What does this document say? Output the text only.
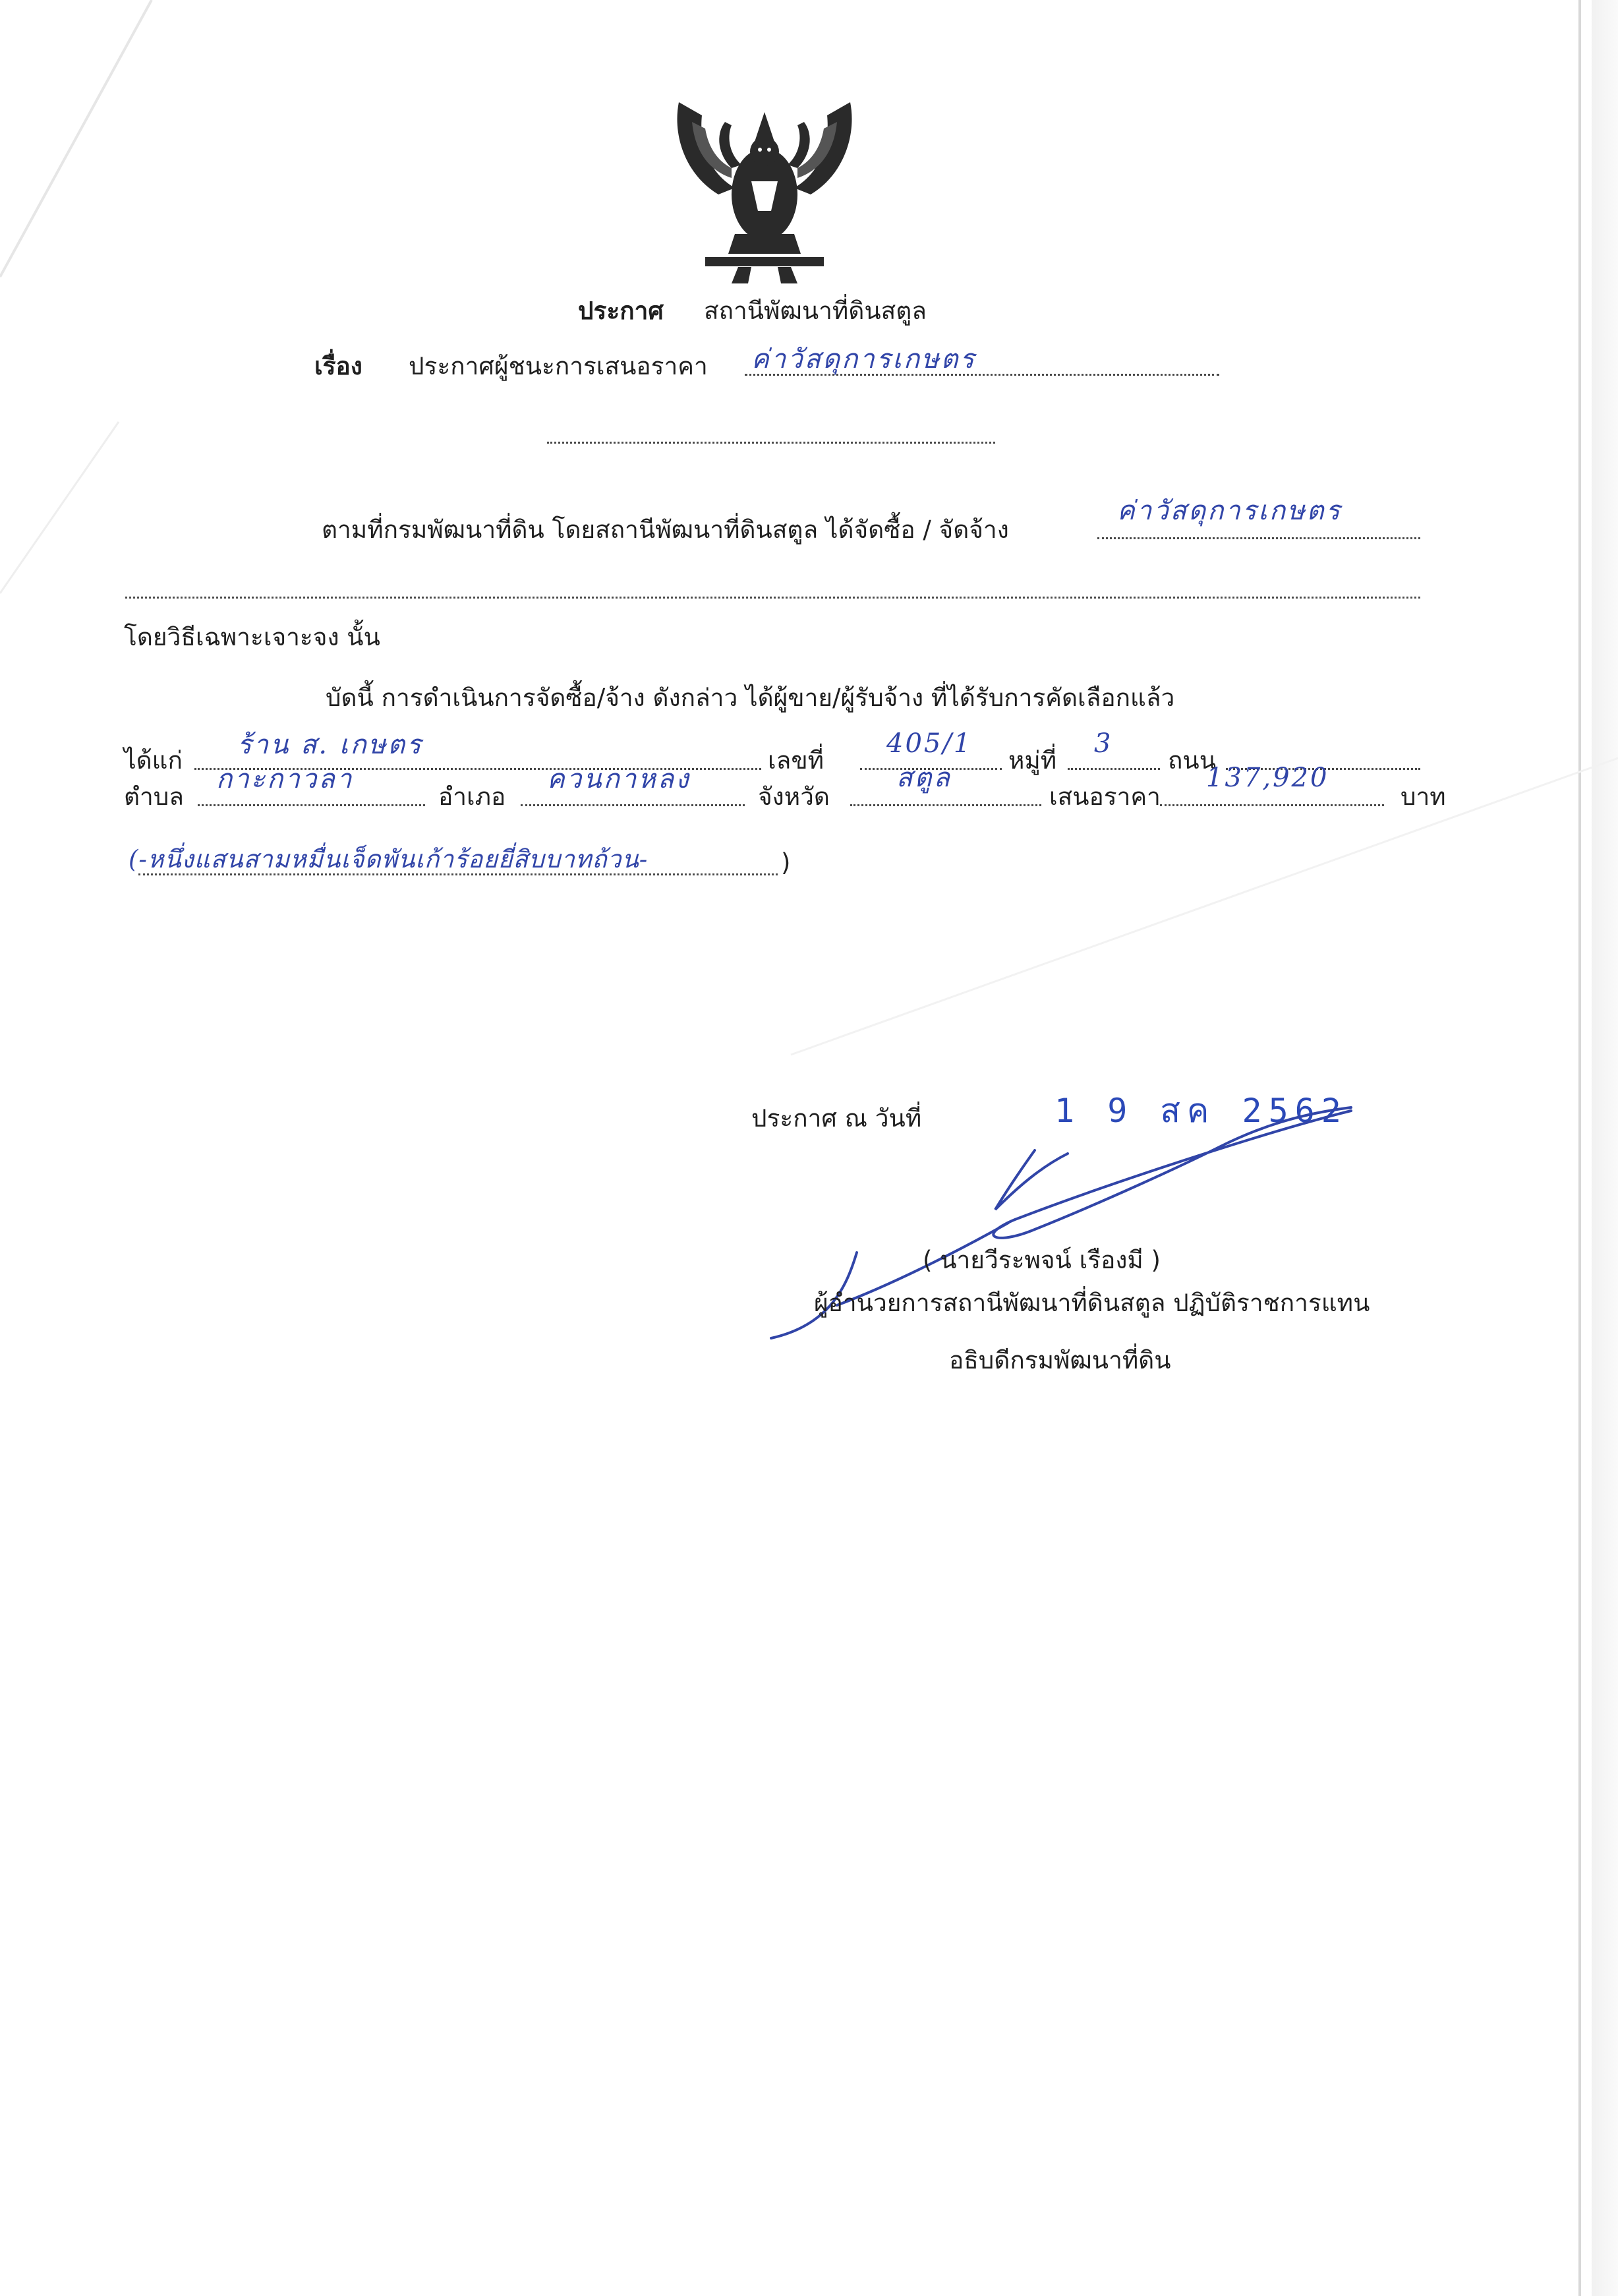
ประกาศ สถานีพัฒนาที่ดินสตูล
เรื่อง ประกาศผู้ชนะการเสนอราคา ค่าวัสดุการเกษตร
ตามที่กรมพัฒนาที่ดิน โดยสถานีพัฒนาที่ดินสตูล ได้จัดซื้อ / จัดจ้าง
ค่าวัสดุการเกษตร
โดยวิธีเฉพาะเจาะจง นั้น
บัดนี้ การดำเนินการจัดซื้อ/จ้าง ดังกล่าว ได้ผู้ขาย/ผู้รับจ้าง ที่ได้รับการคัดเลือกแล้ว
ได้แก่
ร้าน ส. เกษตร
เลขที่
405/1
หมู่ที่
3
ถนน
ตำบล
กาะกาวลา
อำเภอ
ควนกาหลง
จังหวัด
สตูล
เสนอราคา
137,920
บาท
(-หนึ่งแสนสามหมื่นเจ็ดพันเก้าร้อยยี่สิบบาทถ้วน-	)
ประกาศ ณ วันที่	1 9 สค 2562
( นายวีระพจน์ เรืองมี )
ผู้อำนวยการสถานีพัฒนาที่ดินสตูล ปฏิบัติราชการแทน
อธิบดีกรมพัฒนาที่ดิน
